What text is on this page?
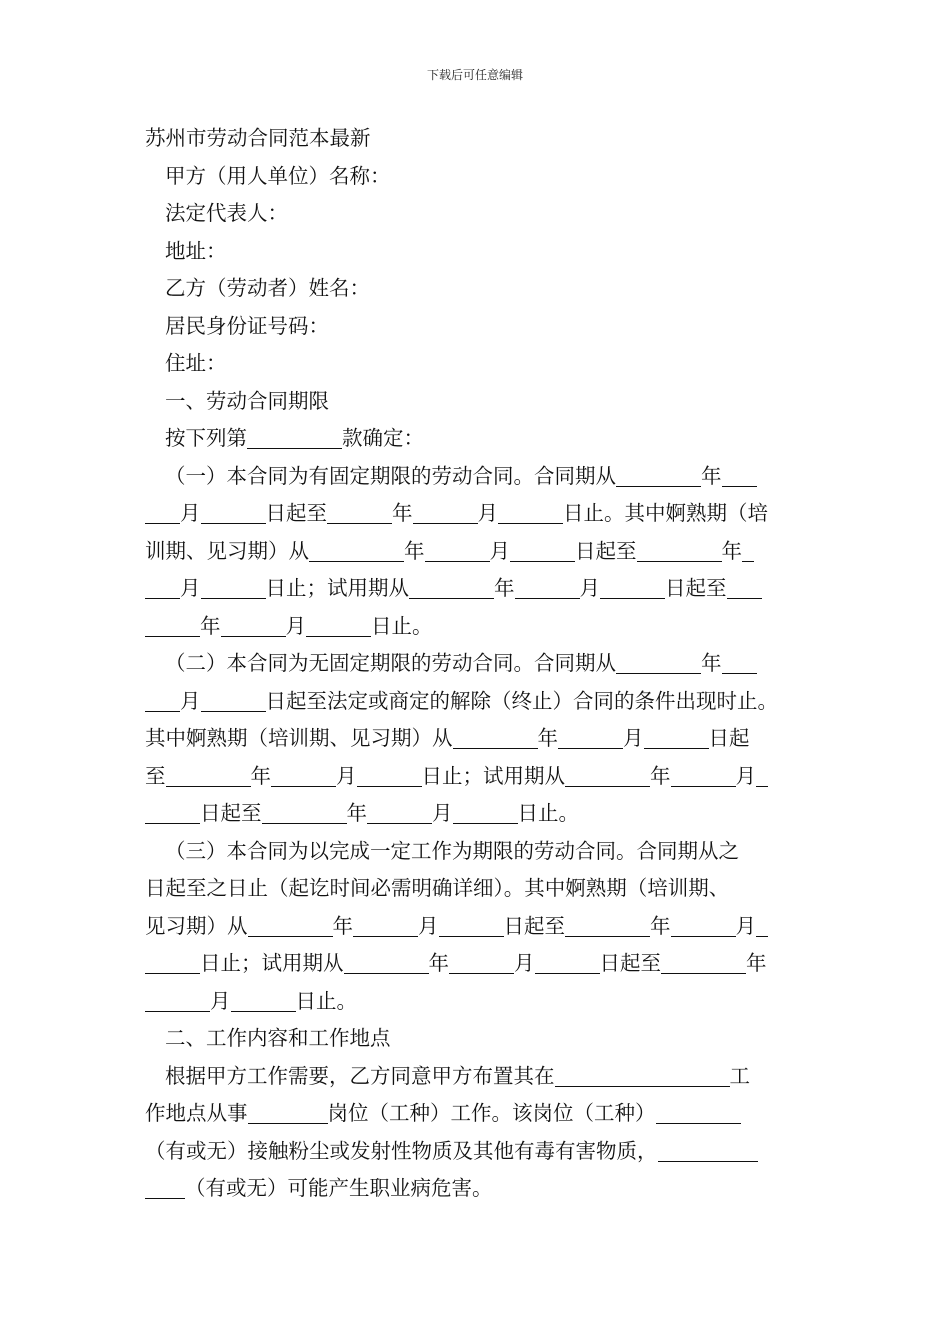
下载后可任意编辑

苏州市劳动合同范本最新

甲方（用人单位）名称：

法定代表人：

地址：

乙方（劳动者）姓名：

居民身份证号码：

住址：

一、劳动合同期限

按下列第	款确定：

（一）本合同为有固定期限的劳动合同。合同期从	年

月	日起至	年	月	日止。其中婀熟期（培

训期、见习期）从	年	月	日起至	年

月	日止；试用期从	年	月	日起至

年	月	日止。

（二）本合同为无固定期限的劳动合同。合同期从	年

月	日起至法定或商定的解除（终止）合同的条件出现时止。

其中婀熟期（培训期、见习期）从	年	月	日起

至	年	月	日止；试用期从	年	月

日起至	年	月	日止。

（三）本合同为以完成一定工作为期限的劳动合同。合同期从之

日起至之日止（起讫时间必需明确详细）。其中婀熟期（培训期、

见习期）从	年	月	日起至	年	月

日止；试用期从	年	月	日起至	年

月	日止。

二、工作内容和工作地点

根据甲方工作需要，乙方同意甲方布置其在	工

作地点从事	岗位（工种）工作。该岗位（工种）

（有或无）接触粉尘或发射性物质及其他有毒有害物质，

（有或无）可能产生职业病危害。
